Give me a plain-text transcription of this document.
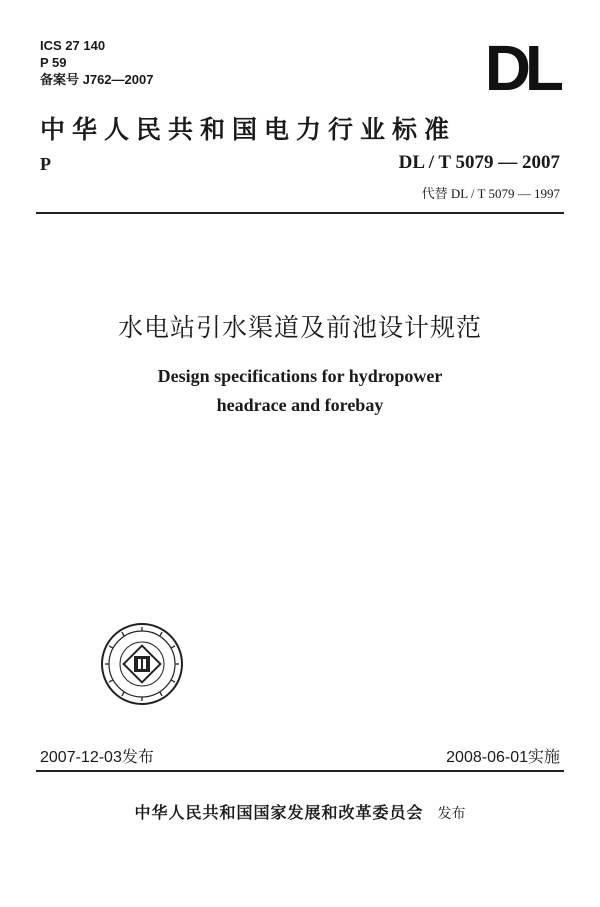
ICS 27 140
P 59
备案号 J762—2007	DL
中华人民共和国电力行业标准
P	DL / T 5079 — 2007
代替 DL / T 5079 — 1997
水电站引水渠道及前池设计规范
Design specifications for hydropower
headrace and forebay
2007-12-03发布	2008-06-01实施
中华人民共和国国家发展和改革委员会 发布
